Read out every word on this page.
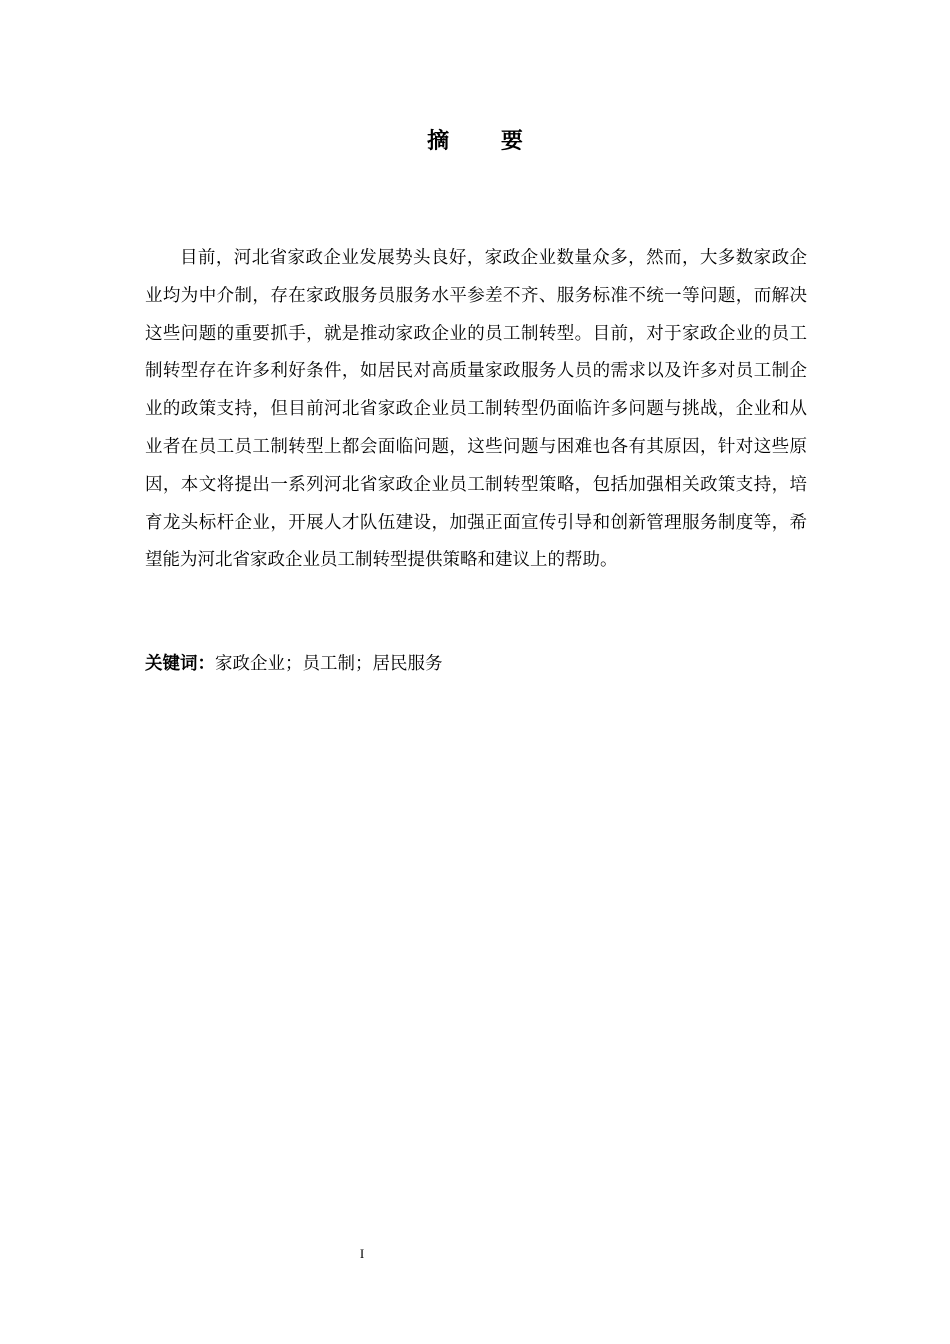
摘 要

目前，河北省家政企业发展势头良好，家政企业数量众多，然而，大多数家政企业均为中介制，存在家政服务员服务水平参差不齐、服务标准不统一等问题，而解决这些问题的重要抓手，就是推动家政企业的员工制转型。目前，对于家政企业的员工制转型存在许多利好条件，如居民对高质量家政服务人员的需求以及许多对员工制企业的政策支持，但目前河北省家政企业员工制转型仍面临许多问题与挑战，企业和从业者在员工员工制转型上都会面临问题，这些问题与困难也各有其原因，针对这些原因，本文将提出一系列河北省家政企业员工制转型策略，包括加强相关政策支持，培育龙头标杆企业，开展人才队伍建设，加强正面宣传引导和创新管理服务制度等，希望能为河北省家政企业员工制转型提供策略和建议上的帮助。

关键词：家政企业；员工制；居民服务

I
